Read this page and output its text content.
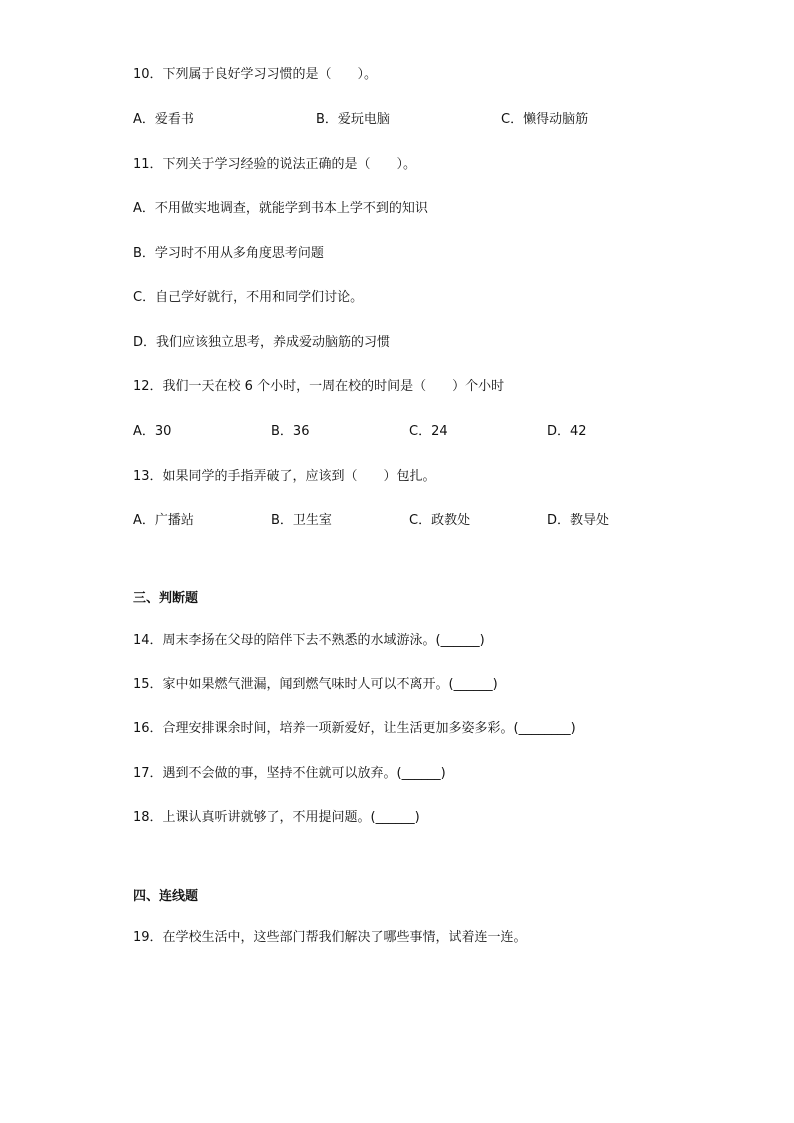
10．下列属于良好学习习惯的是（　　）。
A．爱看书	B．爱玩电脑	C．懒得动脑筋
11．下列关于学习经验的说法正确的是（　　）。
A．不用做实地调查，就能学到书本上学不到的知识
B．学习时不用从多角度思考问题
C．自己学好就行，不用和同学们讨论。
D．我们应该独立思考，养成爱动脑筋的习惯
12．我们一天在校 6 个小时，一周在校的时间是（　　）个小时
A．30	B．36	C．24	D．42
13．如果同学的手指弄破了，应该到（　　）包扎。
A．广播站	B．卫生室	C．政教处	D．教导处
三、判断题
14．周末李扬在父母的陪伴下去不熟悉的水域游泳。(______)
15．家中如果燃气泄漏，闻到燃气味时人可以不离开。(______)
16．合理安排课余时间，培养一项新爱好，让生活更加多姿多彩。(________)
17．遇到不会做的事，坚持不住就可以放弃。(______)
18．上课认真听讲就够了，不用提问题。(______)
四、连线题
19．在学校生活中，这些部门帮我们解决了哪些事情，试着连一连。
